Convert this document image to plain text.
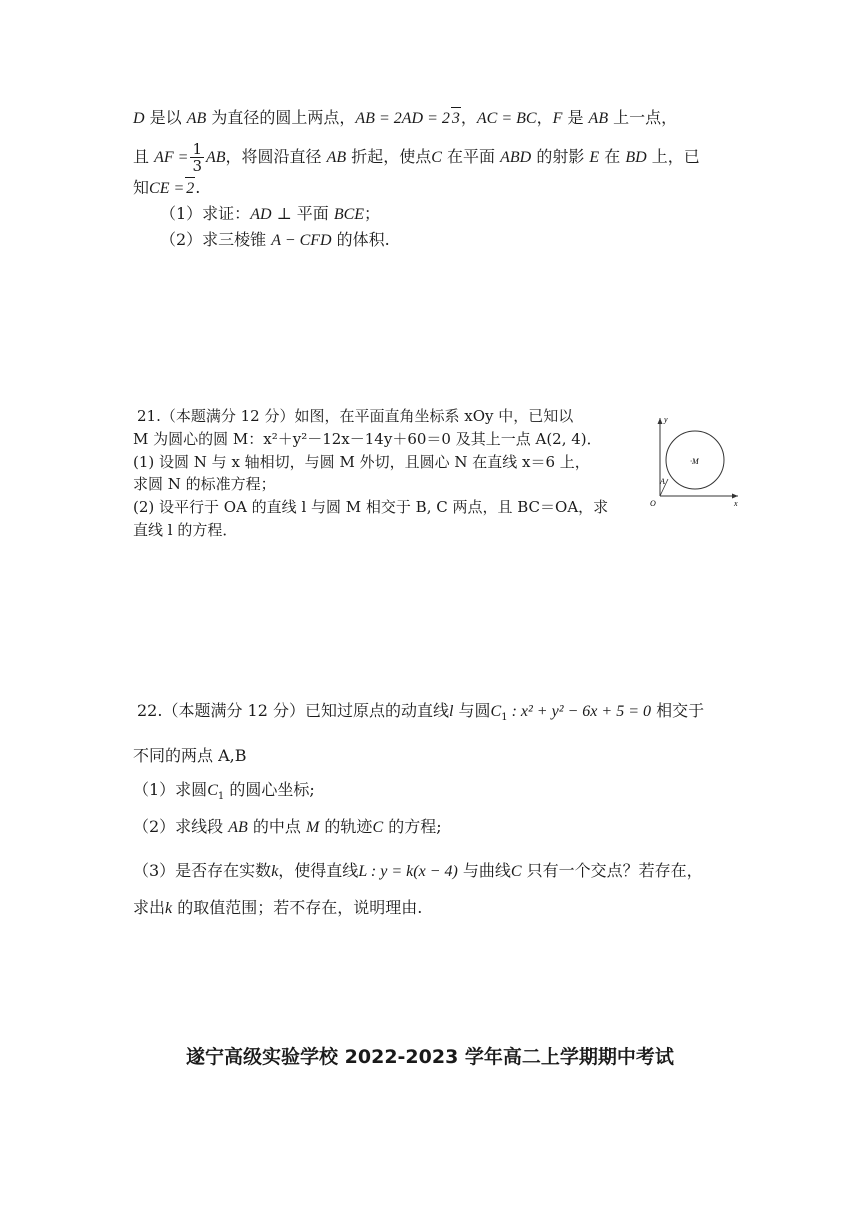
D 是以 AB 为直径的圆上两点，AB = 2AD = 2 3，AC = BC，F 是 AB 上一点，
且 AF = $\frac{1}{3}$ AB，将圆沿直径 AB 折起，使点C 在平面 ABD 的射影 E 在 BD 上，已
知CE = 2.
（1）求证：AD ⊥ 平面 BCE；
（2）求三棱锥 A − CFD 的体积.
21.（本题满分 12 分）如图，在平面直角坐标系 xOy 中，已知以
M 为圆心的圆 M：x²＋y²－12x－14y＋60＝0 及其上一点 A(2, 4)．
(1) 设圆 N 与 x 轴相切，与圆 M 外切，且圆心 N 在直线 x＝6 上，
求圆 N 的标准方程；
(2) 设平行于 OA 的直线 l 与圆 M 相交于 B, C 两点，且 BC＝OA，求
直线 l 的方程．
y
x
O
·M
A
22.（本题满分 12 分）已知过原点的动直线l 与圆$C_1$ : x² + y² − 6x + 5 = 0 相交于
不同的两点 A,B
（1）求圆$C_1$ 的圆心坐标;
（2）求线段 AB 的中点 M 的轨迹C 的方程;
（3）是否存在实数k，使得直线L : y = k(x − 4) 与曲线C 只有一个交点？若存在，
求出k 的取值范围；若不存在，说明理由.
遂宁高级实验学校 2022-2023 学年高二上学期期中考试
